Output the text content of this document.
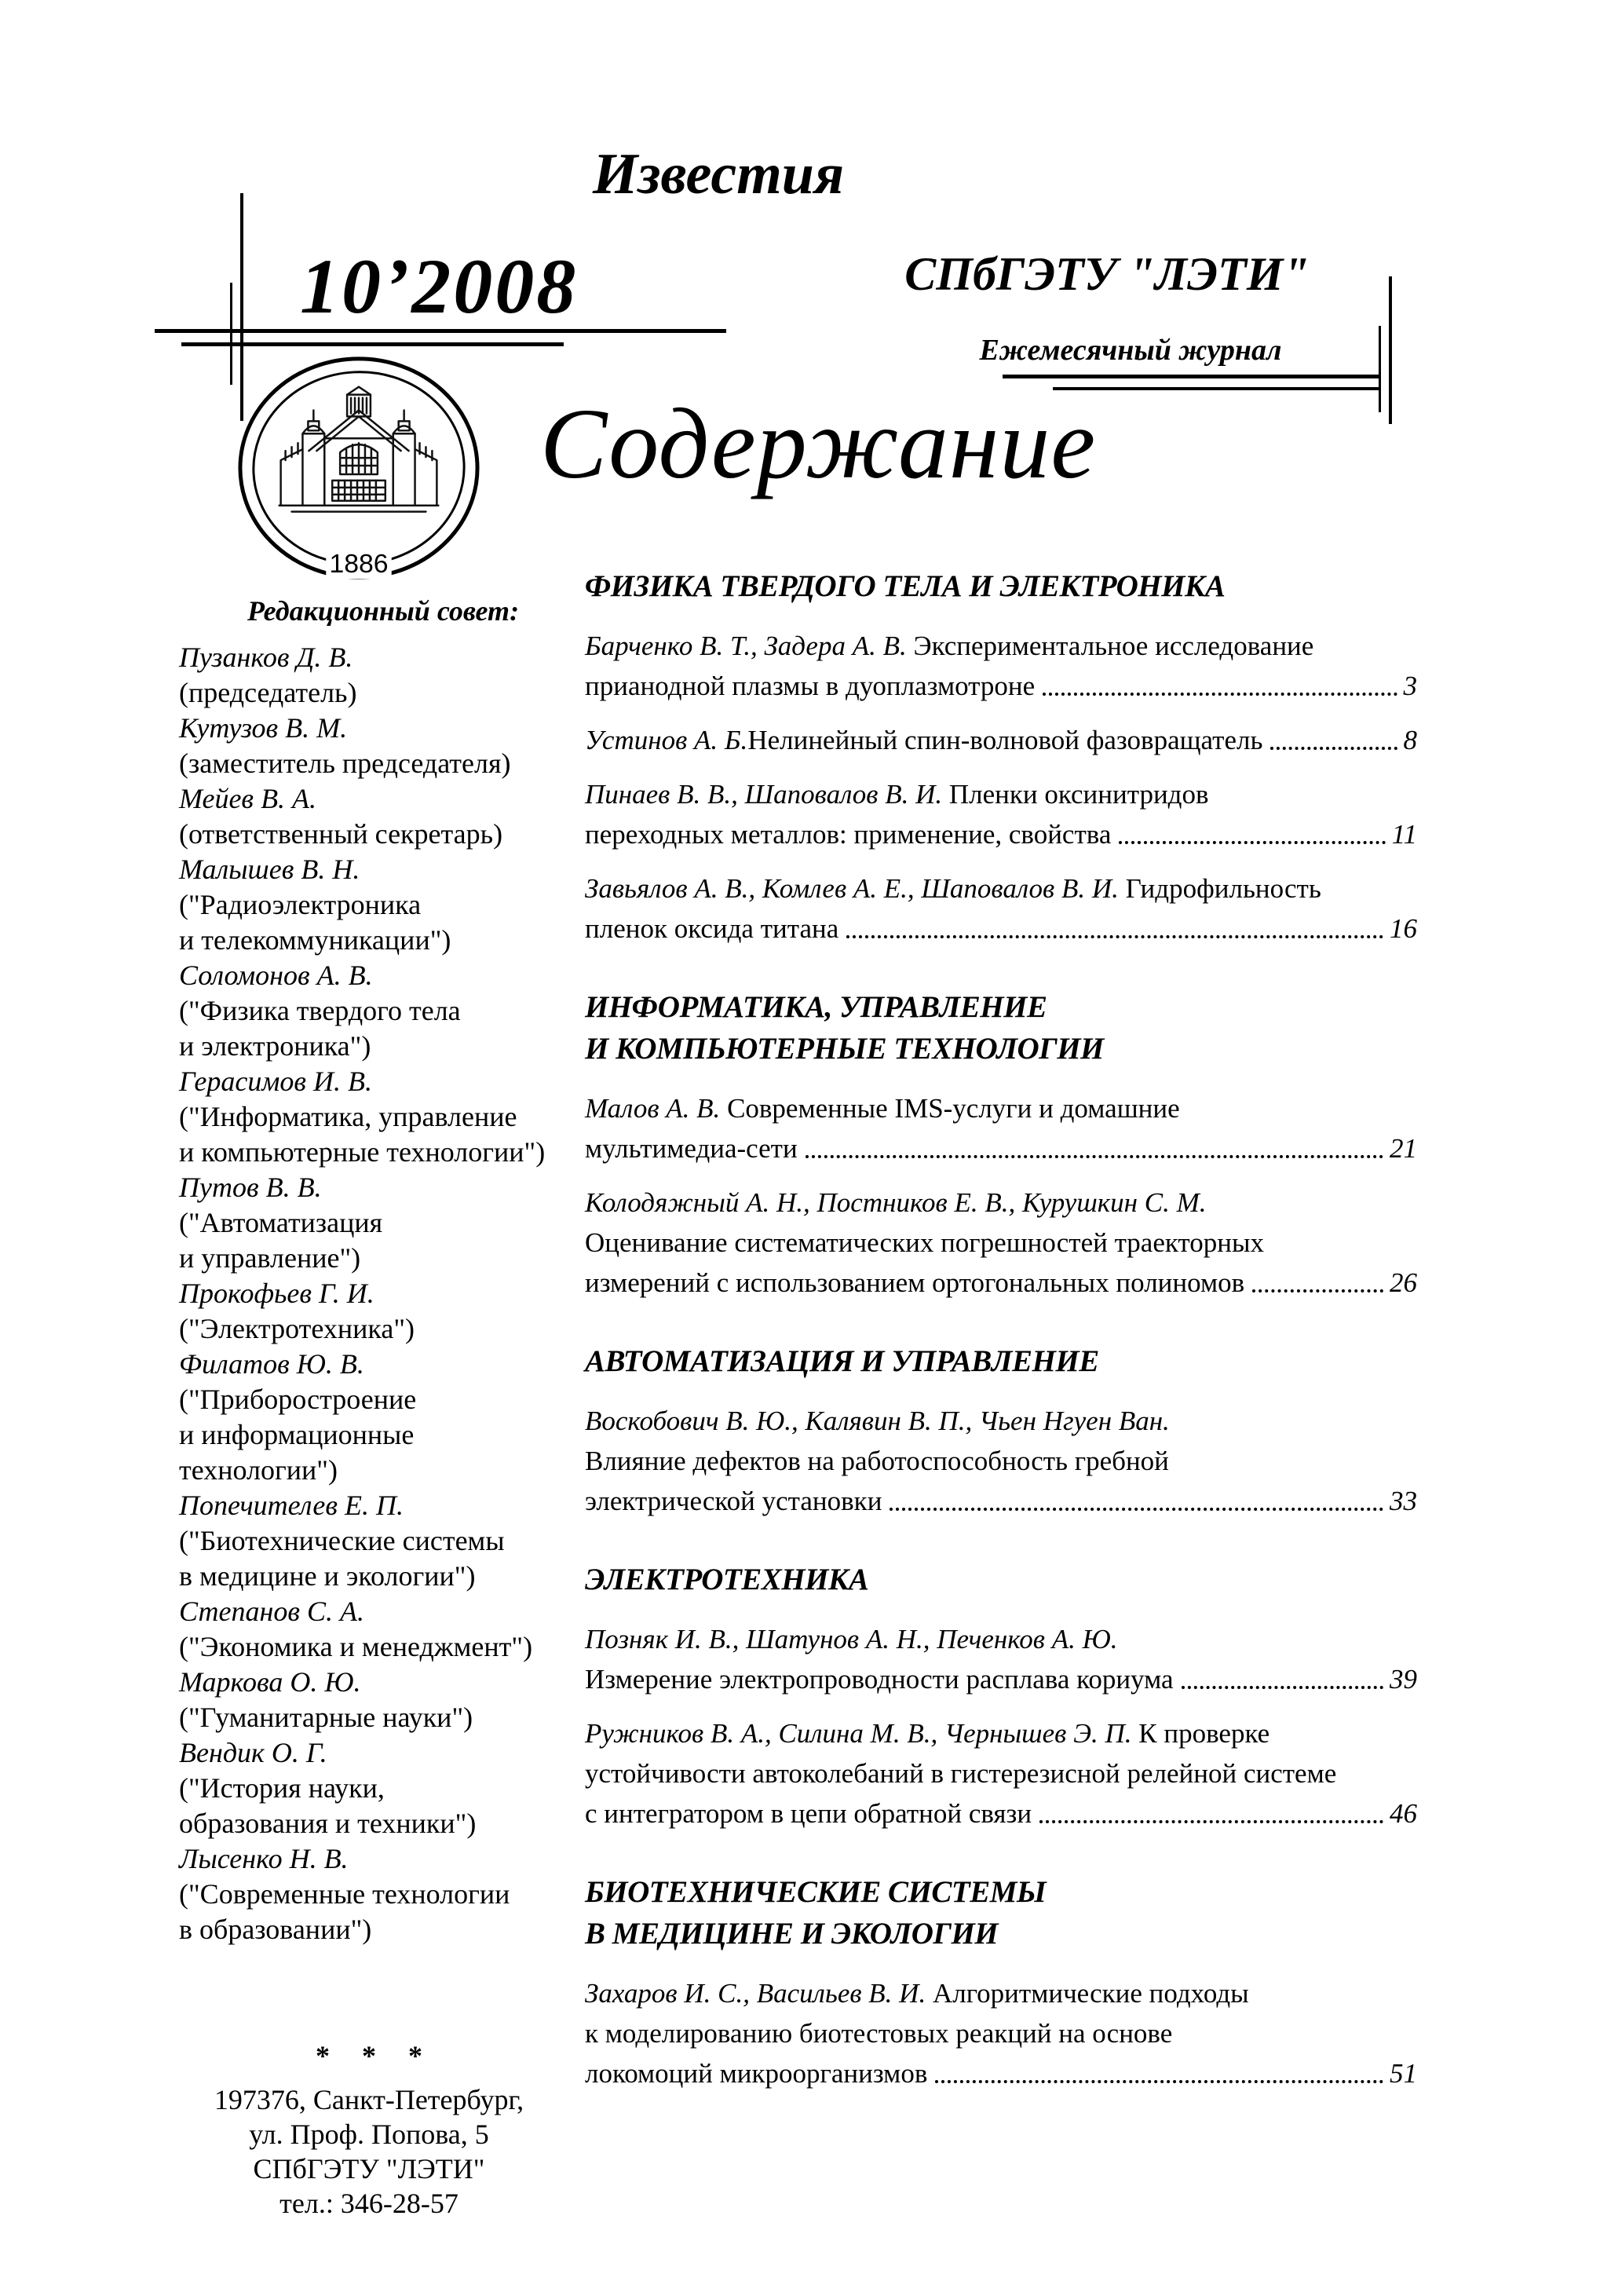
10’2008
Известия
СПбГЭТУ "ЛЭТИ"
Ежемесячный журнал
1886
Содержание
Редакционный совет:
Пузанков Д. В.
(председатель)
Кутузов В. М.
(заместитель председателя)
Мейев В. А.
(ответственный секретарь)
Малышев В. Н.
("Радиоэлектроника
и телекоммуникации")
Соломонов А. В.
("Физика твердого тела
и электроника")
Герасимов И. В.
("Информатика, управление
и компьютерные технологии")
Путов В. В.
("Автоматизация
и управление")
Прокофьев Г. И.
("Электротехника")
Филатов Ю. В.
("Приборостроение
и информационные
технологии")
Попечителев Е. П.
("Биотехнические системы
в медицине и экологии")
Степанов С. А.
("Экономика и менеджмент")
Маркова О. Ю.
("Гуманитарные науки")
Вендик О. Г.
("История науки,
образования и техники")
Лысенко Н. В.
("Современные технологии
в образовании")
* * *
197376, Санкт-Петербург,
ул. Проф. Попова, 5
СПбГЭТУ "ЛЭТИ"
тел.: 346-28-57
ФИЗИКА ТВЕРДОГО ТЕЛА И ЭЛЕКТРОНИКА
Барченко В. Т., Задера А. В. Экспериментальное исследование
прианодной плазмы в дуоплазмотроне	3
Устинов А. Б. Нелинейный спин-волновой фазовращатель	8
Пинаев В. В., Шаповалов В. И. Пленки оксинитридов
переходных металлов: применение, свойства	11
Завьялов А. В., Комлев А. Е., Шаповалов В. И. Гидрофильность
пленок оксида титана	16
ИНФОРМАТИКА, УПРАВЛЕНИЕ
И КОМПЬЮТЕРНЫЕ ТЕХНОЛОГИИ
Малов А. В. Современные IMS-услуги и домашние
мультимедиа-сети	21
Колодяжный А. Н., Постников Е. В., Курушкин С. М.
Оценивание систематических погрешностей траекторных
измерений с использованием ортогональных полиномов	26
АВТОМАТИЗАЦИЯ И УПРАВЛЕНИЕ
Воскобович В. Ю., Калявин В. П., Чьен Нгуен Ван.
Влияние дефектов на работоспособность гребной
электрической установки	33
ЭЛЕКТРОТЕХНИКА
Позняк И. В., Шатунов А. Н., Печенков А. Ю.
Измерение электропроводности расплава кориума	39
Ружников В. А., Силина М. В., Чернышев Э. П. К проверке
устойчивости автоколебаний в гистерезисной релейной системе
с интегратором в цепи обратной связи	46
БИОТЕХНИЧЕСКИЕ СИСТЕМЫ
В МЕДИЦИНЕ И ЭКОЛОГИИ
Захаров И. С., Васильев В. И. Алгоритмические подходы
к моделированию биотестовых реакций на основе
локомоций микроорганизмов	51
